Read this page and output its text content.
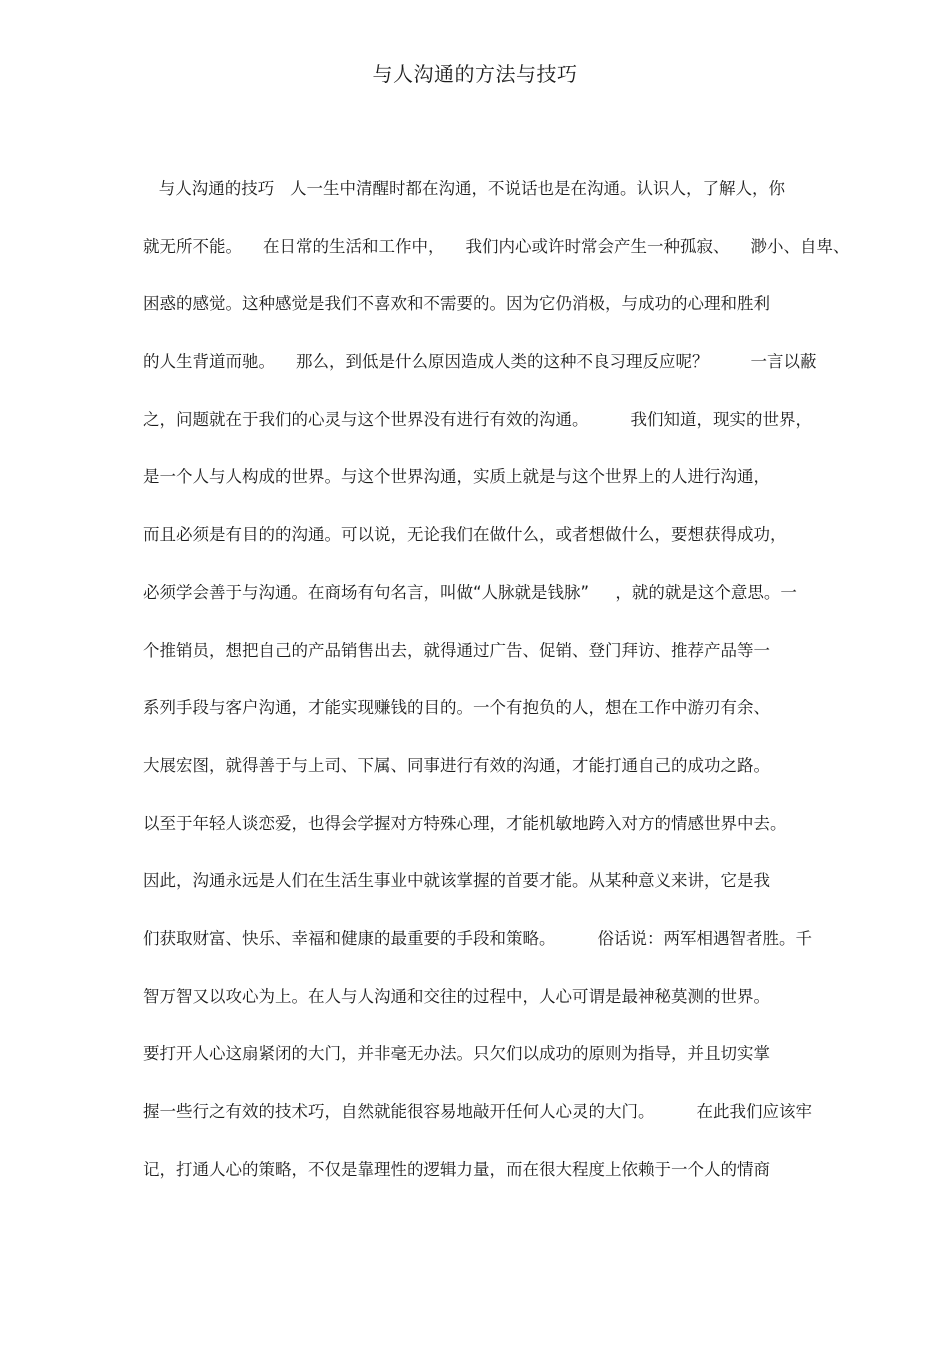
与人沟通的方法与技巧
与人沟通的技巧   人一生中清醒时都在沟通，不说话也是在沟通。认识人，了解人，你
就无所不能。    在日常的生活和工作中，    我们内心或许时常会产生一种孤寂、    渺小、自卑、
困惑的感觉。这种感觉是我们不喜欢和不需要的。因为它仍消极，与成功的心理和胜利
的人生背道而驰。    那么，到低是什么原因造成人类的这种不良习理反应呢？        一言以蔽
之，问题就在于我们的心灵与这个世界没有进行有效的沟通。        我们知道，现实的世界，
是一个人与人构成的世界。与这个世界沟通，实质上就是与这个世界上的人进行沟通，
而且必须是有目的的沟通。可以说，无论我们在做什么，或者想做什么，要想获得成功，
必须学会善于与沟通。在商场有句名言，叫做“人脉就是钱脉”     ，就的就是这个意思。一
个推销员，想把自己的产品销售出去，就得通过广告、促销、登门拜访、推荐产品等一
系列手段与客户沟通，才能实现赚钱的目的。一个有抱负的人，想在工作中游刃有余、
大展宏图，就得善于与上司、下属、同事进行有效的沟通，才能打通自己的成功之路。
以至于年轻人谈恋爱，也得会学握对方特殊心理，才能机敏地跨入对方的情感世界中去。
因此，沟通永远是人们在生活生事业中就该掌握的首要才能。从某种意义来讲，它是我
们获取财富、快乐、幸福和健康的最重要的手段和策略。        俗话说：两军相遇智者胜。千
智万智又以攻心为上。在人与人沟通和交往的过程中，人心可谓是最神秘莫测的世界。
要打开人心这扇紧闭的大门，并非毫无办法。只欠们以成功的原则为指导，并且切实掌
握一些行之有效的技术巧，自然就能很容易地敲开任何人心灵的大门。        在此我们应该牢
记，打通人心的策略，不仅是靠理性的逻辑力量，而在很大程度上依赖于一个人的情商
